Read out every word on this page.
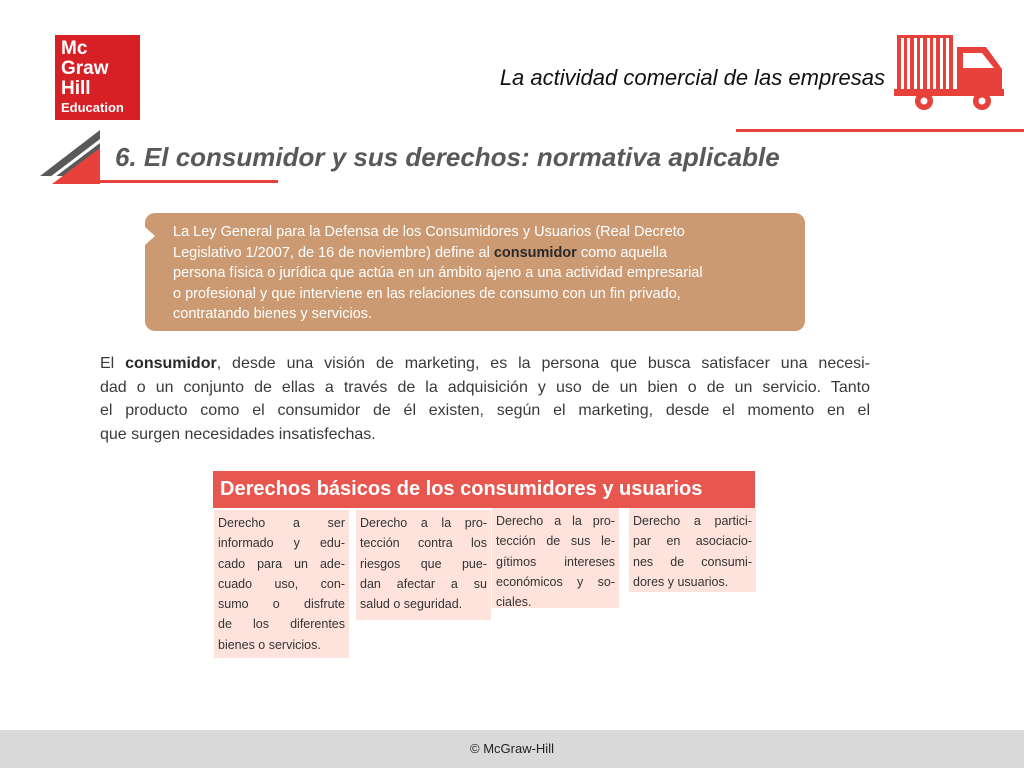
Mc
Graw
Hill
Education
La actividad comercial de las empresas
6. El consumidor y sus derechos: normativa aplicable
La Ley General para la Defensa de los Consumidores y Usuarios (Real Decreto
Legislativo 1/2007, de 16 de noviembre) define al consumidor como aquella
persona física o jurídica que actúa en un ámbito ajeno a una actividad empresarial
o profesional y que interviene en las relaciones de consumo con un fin privado,
contratando bienes y servicios.
El consumidor, desde una visión de marketing, es la persona que busca satisfacer una necesi-
dad o un conjunto de ellas a través de la adquisición y uso de un bien o de un servicio. Tanto
el producto como el consumidor de él existen, según el marketing, desde el momento en el
que surgen necesidades insatisfechas.
Derechos básicos de los consumidores y usuarios
Derecho a ser
informado y edu-
cado para un ade-
cuado uso, con-
sumo o disfrute
de los diferentes
bienes o servicios.
Derecho a la pro-
tección contra los
riesgos que pue-
dan afectar a su
salud o seguridad.
Derecho a la pro-
tección de sus le-
gítimos intereses
económicos y so-
ciales.
Derecho a partici-
par en asociacio-
nes de consumi-
dores y usuarios.
© McGraw-Hill
